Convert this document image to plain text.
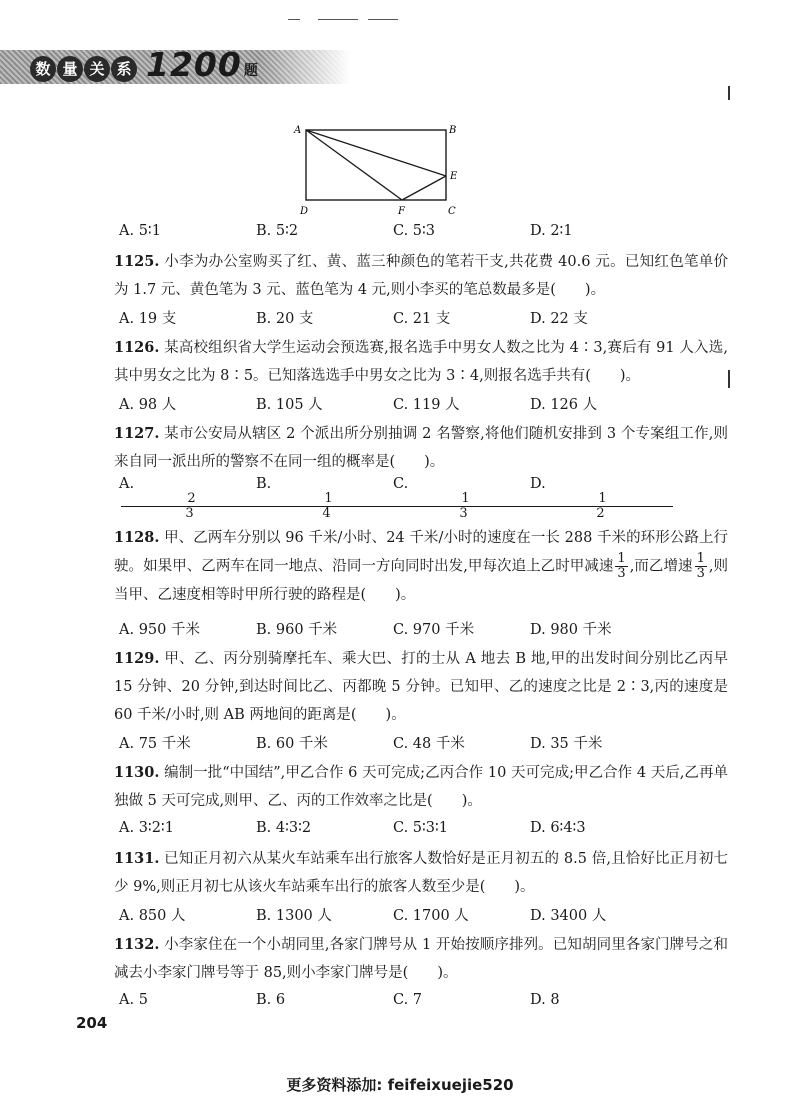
数 量 关 系 1200 题
A	B
C
D
E
F
A. 5∶1	B. 5∶2	C. 5∶3	D. 2∶1
1125. 小李为办公室购买了红、黄、蓝三种颜色的笔若干支,共花费 40.6 元。已知红色笔单价为 1.7 元、黄色笔为 3 元、蓝色笔为 4 元,则小李买的笔总数最多是(　　)。
A. 19 支	B. 20 支	C. 21 支	D. 22 支
1126. 某高校组织省大学生运动会预选赛,报名选手中男女人数之比为 4∶3,赛后有 91 人入选,其中男女之比为 8∶5。已知落选选手中男女之比为 3∶4,则报名选手共有(　　)。
A. 98 人	B. 105 人	C. 119 人	D. 126 人
1127. 某市公安局从辖区 2 个派出所分别抽调 2 名警察,将他们随机安排到 3 个专案组工作,则来自同一派出所的警察不在同一组的概率是(　　)。
A. $\frac{2}{3}$
B. $\frac{1}{4}$
C. $\frac{1}{3}$
D. $\frac{1}{2}$
1128. 甲、乙两车分别以 96 千米/小时、24 千米/小时的速度在一长 288 千米的环形公路上行驶。如果甲、乙两车在同一地点、沿同一方向同时出发,甲每次追上乙时甲减速 $\frac{1}{3}$ ,而乙增速 $\frac{1}{3}$ ,则当甲、乙速度相等时甲所行驶的路程是(　　)。
A. 950 千米	B. 960 千米	C. 970 千米	D. 980 千米
1129. 甲、乙、丙分别骑摩托车、乘大巴、打的士从 A 地去 B 地,甲的出发时间分别比乙丙早 15 分钟、20 分钟,到达时间比乙、丙都晚 5 分钟。已知甲、乙的速度之比是 2∶3,丙的速度是 60 千米/小时,则 AB 两地间的距离是(　　)。
A. 75 千米	B. 60 千米	C. 48 千米	D. 35 千米
1130. 编制一批“中国结”,甲乙合作 6 天可完成;乙丙合作 10 天可完成;甲乙合作 4 天后,乙再单独做 5 天可完成,则甲、乙、丙的工作效率之比是(　　)。
A. 3∶2∶1	B. 4∶3∶2	C. 5∶3∶1	D. 6∶4∶3
1131. 已知正月初六从某火车站乘车出行旅客人数恰好是正月初五的 8.5 倍,且恰好比正月初七少 9%,则正月初七从该火车站乘车出行的旅客人数至少是(　　)。
A. 850 人	B. 1300 人	C. 1700 人	D. 3400 人
1132. 小李家住在一个小胡同里,各家门牌号从 1 开始按顺序排列。已知胡同里各家门牌号之和减去小李家门牌号等于 85,则小李家门牌号是(　　)。
A. 5	B. 6	C. 7	D. 8

204
更多资料添加: feifeixuejie520
